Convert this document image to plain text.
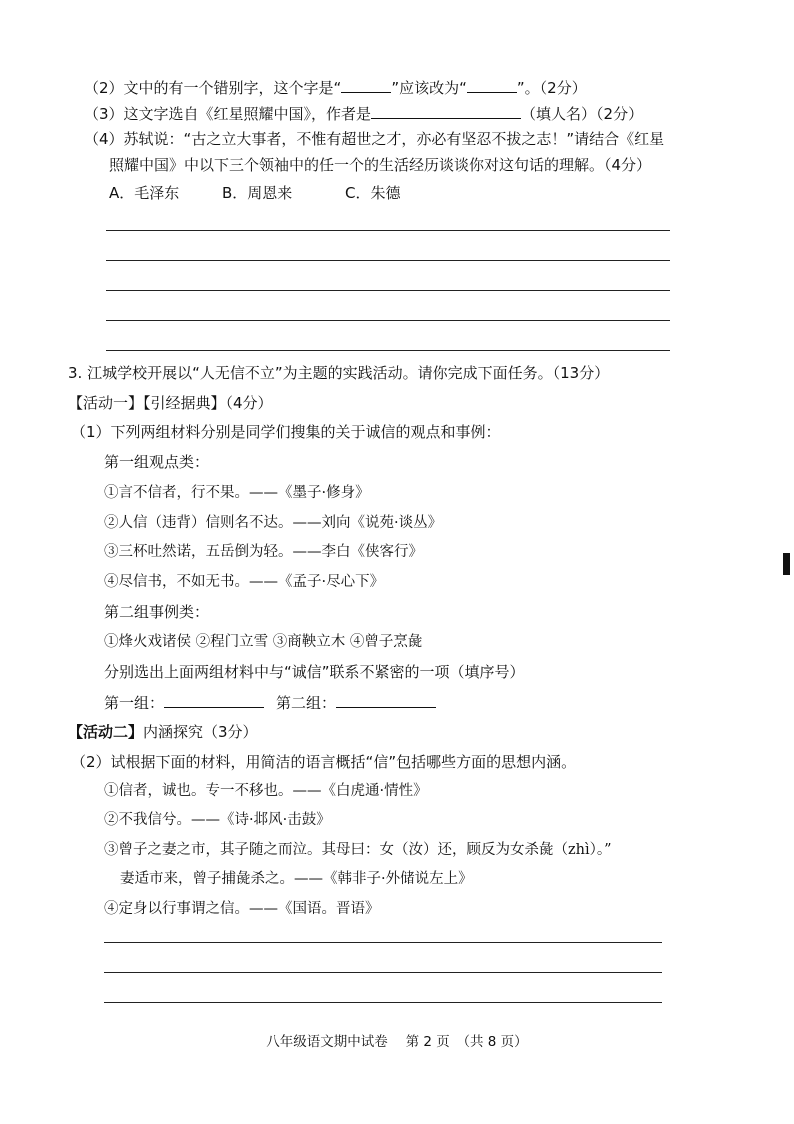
（2）文中的有一个错别字，这个字是“	”应该改为“	”。（2分）
（3）这文字选自《红星照耀中国》，作者是	（填人名）（2分）
（4）苏轼说：“古之立大事者，不惟有超世之才，亦必有坚忍不拔之志！”请结合《红星
照耀中国》中以下三个领袖中的任一个的生活经历谈谈你对这句话的理解。（4分）
A．毛泽东	B．周恩来	C．朱德
3. 江城学校开展以“人无信不立”为主题的实践活动。请你完成下面任务。（13分）
【活动一】【引经据典】（4分）
（1）下列两组材料分别是同学们搜集的关于诚信的观点和事例：
第一组观点类：
①言不信者，行不果。——《墨子·修身》
②人信（违背）信则名不达。——刘向《说苑·谈丛》
③三杯吐然诺，五岳倒为轻。——李白《侠客行》
④尽信书，不如无书。——《孟子·尽心下》
第二组事例类：
①烽火戏诸侯 ②程门立雪 ③商鞅立木 ④曾子烹彘
分别选出上面两组材料中与“诚信”联系不紧密的一项（填序号）
第一组：	第二组：
【活动二】内涵探究（3分）
（2）试根据下面的材料，用简洁的语言概括“信”包括哪些方面的思想内涵。
①信者，诚也。专一不移也。——《白虎通·情性》
②不我信兮。——《诗·邶风·击鼓》
③曾子之妻之市，其子随之而泣。其母曰：女（汝）还，顾反为女杀彘（zhì）。”
妻适市来，曾子捕彘杀之。——《韩非子·外储说左上》
④定身以行事谓之信。——《国语。晋语》
八年级语文期中试卷　 第 2 页　（共 8 页）
